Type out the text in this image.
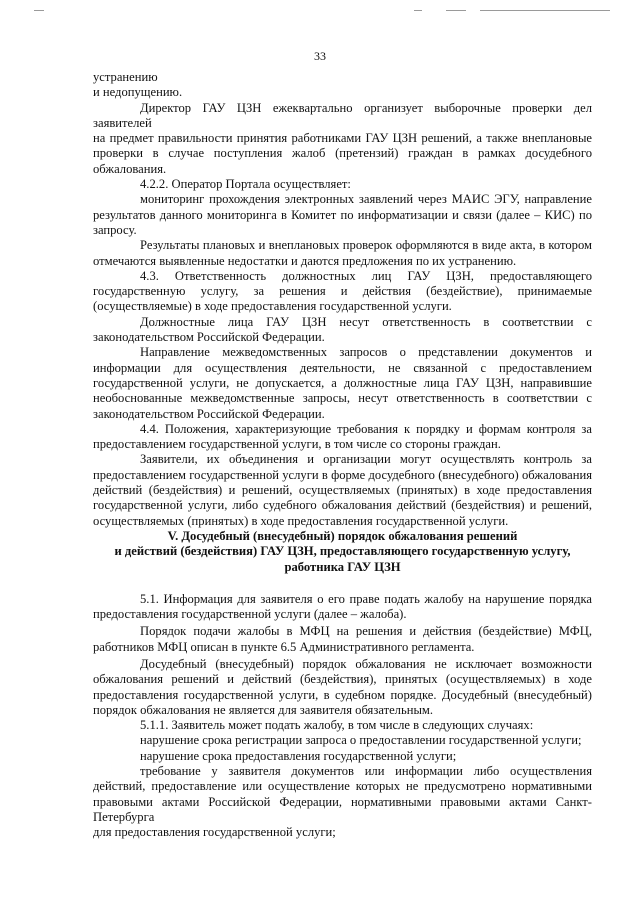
33

устранению

и недопущению.

Директор ГАУ ЦЗН ежеквартально организует выборочные проверки дел заявителей

на предмет правильности принятия работниками ГАУ ЦЗН решений, а также внеплановые проверки в случае поступления жалоб (претензий) граждан в рамках досудебного обжалования.

4.2.2. Оператор Портала осуществляет:

мониторинг прохождения электронных заявлений через МАИС ЭГУ, направление результатов данного мониторинга в Комитет по информатизации и связи (далее – КИС) по запросу.

Результаты плановых и внеплановых проверок оформляются в виде акта, в котором отмечаются выявленные недостатки и даются предложения по их устранению.

4.3. Ответственность должностных лиц ГАУ ЦЗН, предоставляющего государственную услугу, за решения и действия (бездействие), принимаемые (осуществляемые) в ходе предоставления государственной услуги.

Должностные лица ГАУ ЦЗН несут ответственность в соответствии с законодательством Российской Федерации.

Направление межведомственных запросов о представлении документов и информации для осуществления деятельности, не связанной с предоставлением государственной услуги, не допускается, а должностные лица ГАУ ЦЗН, направившие необоснованные межведомственные запросы, несут ответственность в соответствии с законодательством Российской Федерации.

4.4. Положения, характеризующие требования к порядку и формам контроля за предоставлением государственной услуги, в том числе со стороны граждан.

Заявители, их объединения и организации могут осуществлять контроль за предоставлением государственной услуги в форме досудебного (внесудебного) обжалования действий (бездействия) и решений, осуществляемых (принятых) в ходе предоставления государственной услуги, либо судебного обжалования действий (бездействия) и решений, осуществляемых (принятых) в ходе предоставления государственной услуги.

V. Досудебный (внесудебный) порядок обжалования решений

и действий (бездействия) ГАУ ЦЗН, предоставляющего государственную услугу,

работника ГАУ ЦЗН

5.1. Информация для заявителя о его праве подать жалобу на нарушение порядка предоставления государственной услуги (далее – жалоба).

Порядок подачи жалобы в МФЦ на решения и действия (бездействие) МФЦ, работников МФЦ описан в пункте 6.5 Административного регламента.

Досудебный (внесудебный) порядок обжалования не исключает возможности обжалования решений и действий (бездействия), принятых (осуществляемых) в ходе предоставления государственной услуги, в судебном порядке. Досудебный (внесудебный) порядок обжалования не является для заявителя обязательным.

5.1.1. Заявитель может подать жалобу, в том числе в следующих случаях:

нарушение срока регистрации запроса о предоставлении государственной услуги;

нарушение срока предоставления государственной услуги;

требование у заявителя документов или информации либо осуществления действий, предоставление или осуществление которых не предусмотрено нормативными правовыми актами Российской Федерации, нормативными правовыми актами Санкт-Петербурга

для предоставления государственной услуги;
